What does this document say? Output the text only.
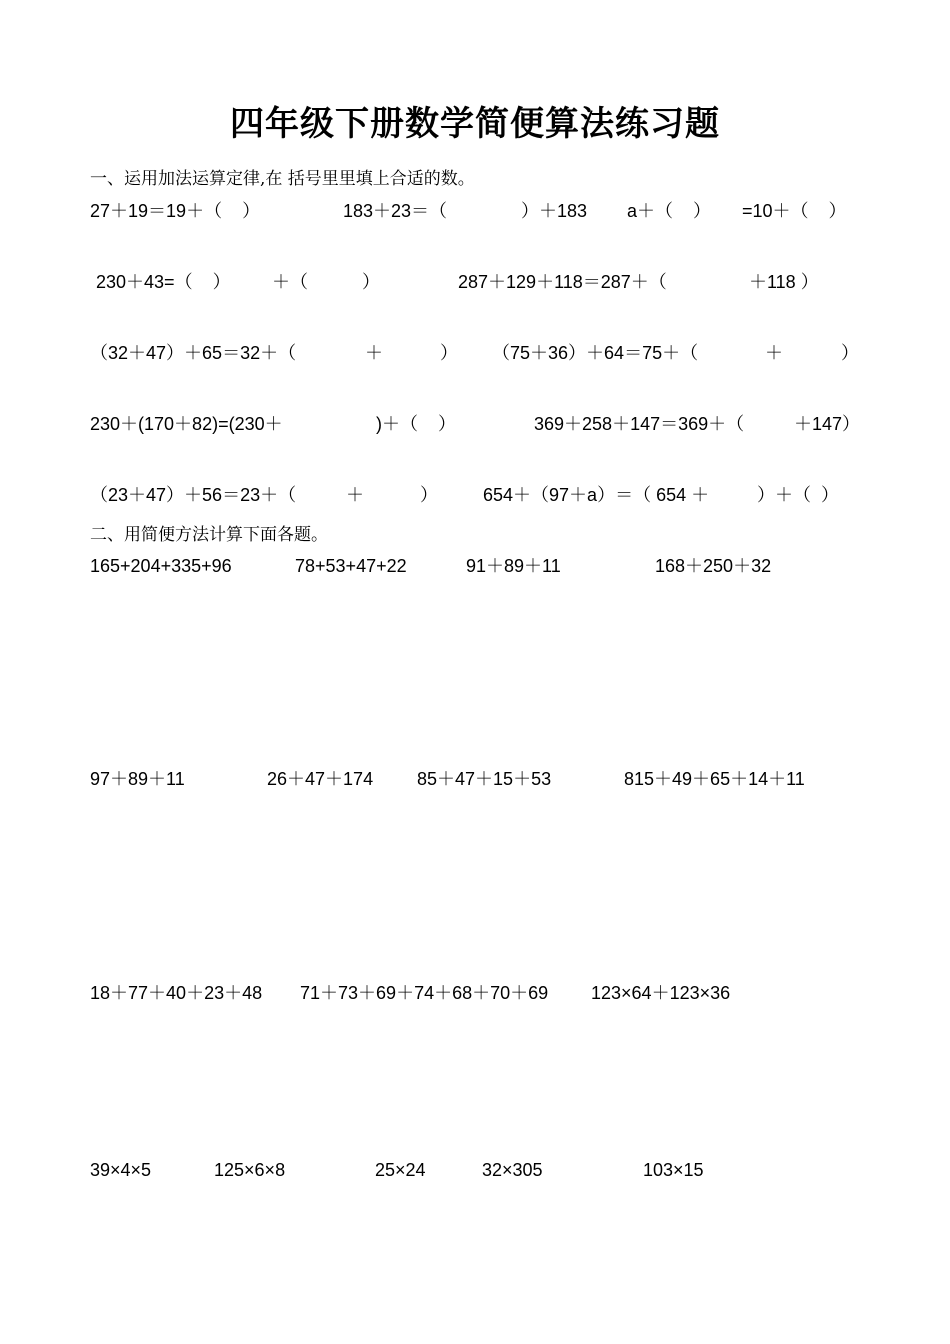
四年级下册数学简便算法练习题
一、运用加法运算定律,在 括号里里填上合适的数。
27＋19＝19＋（    ）	183＋23＝（	）＋183 a＋（    ） =10＋（    ）
230＋43=（    ） ＋（	）	287＋129＋118＝287＋（	＋118 ）
（32＋47）＋65＝32＋（	＋	） （75＋36）＋64＝75＋（	＋	）
230＋(170＋82)=(230＋	)＋（    ）	369＋258＋147＝369＋（	＋147）
（23＋47）＋56＝23＋（	＋	）	654＋（97＋a）＝（ 654 ＋	）＋（  ）
二、用简便方法计算下面各题。
165+204+335+96	78+53+47+22	91＋89＋11	168＋250＋32
97＋89＋11	26＋47＋174 85＋47＋15＋53	815＋49＋65＋14＋11
18＋77＋40＋23＋48 71＋73＋69＋74＋68＋70＋69 123×64＋123×36
39×4×5	125×6×8	25×24	32×305	103×15
